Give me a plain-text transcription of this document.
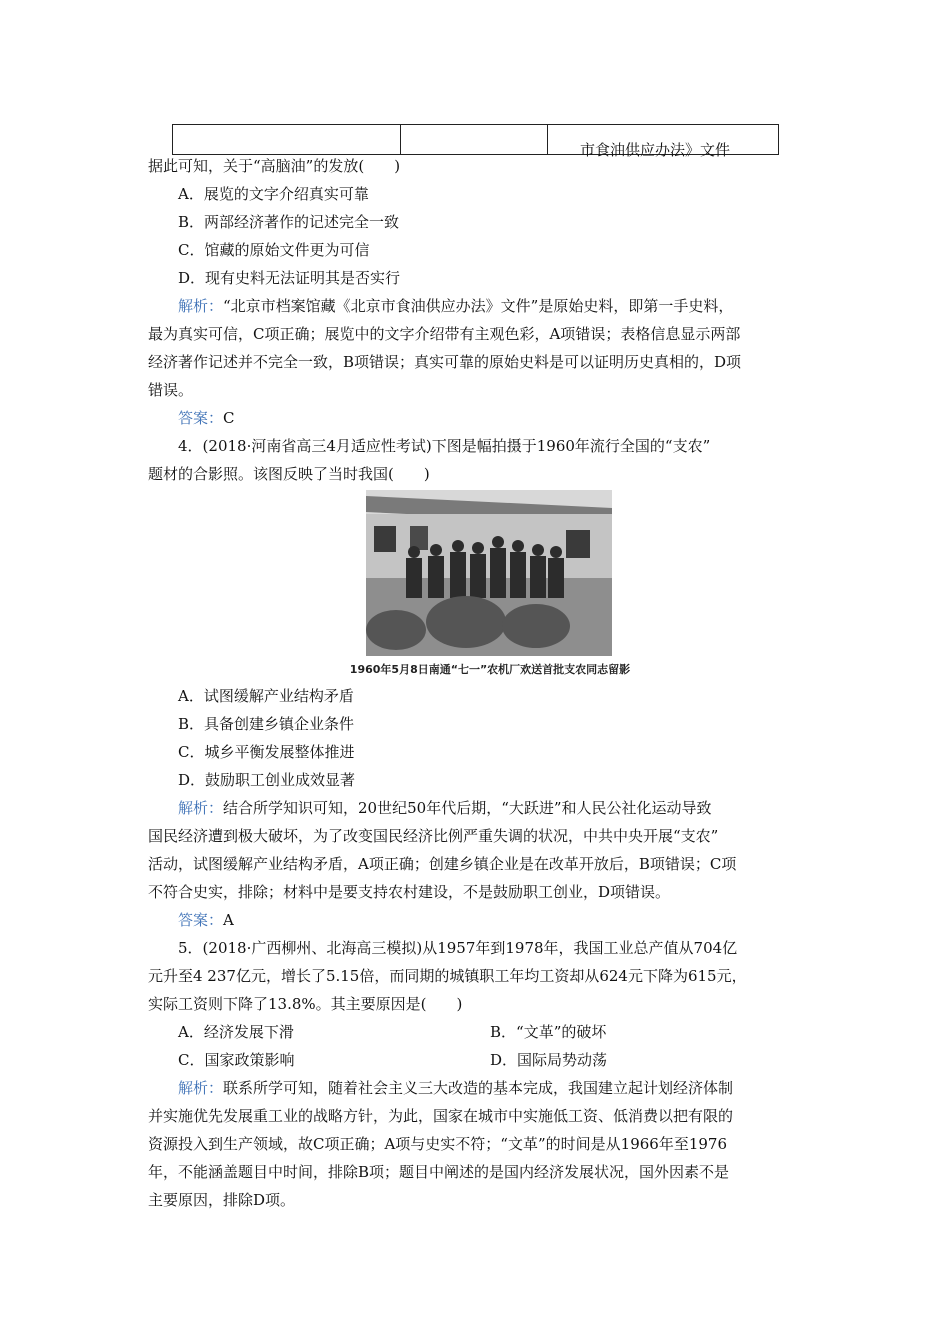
市食油供应办法》文件
据此可知，关于“高脑油”的发放(　　)
A．展览的文字介绍真实可靠
B．两部经济著作的记述完全一致
C．馆藏的原始文件更为可信
D．现有史料无法证明其是否实行
解析：“北京市档案馆藏《北京市食油供应办法》文件”是原始史料，即第一手史料，
最为真实可信，C项正确；展览中的文字介绍带有主观色彩，A项错误；表格信息显示两部
经济著作记述并不完全一致，B项错误；真实可靠的原始史料是可以证明历史真相的，D项
错误。
答案：C
4．(2018·河南省高三4月适应性考试)下图是幅拍摄于1960年流行全国的“支农”
题材的合影照。该图反映了当时我国(　　)
1960年5月8日南通“七一”农机厂欢送首批支农同志留影
A．试图缓解产业结构矛盾
B．具备创建乡镇企业条件
C．城乡平衡发展整体推进
D．鼓励职工创业成效显著
解析：结合所学知识可知，20世纪50年代后期，“大跃进”和人民公社化运动导致
国民经济遭到极大破坏，为了改变国民经济比例严重失调的状况，中共中央开展“支农”
活动，试图缓解产业结构矛盾，A项正确；创建乡镇企业是在改革开放后，B项错误；C项
不符合史实，排除；材料中是要支持农村建设，不是鼓励职工创业，D项错误。
答案：A
5．(2018·广西柳州、北海高三模拟)从1957年到1978年，我国工业总产值从704亿
元升至4 237亿元，增长了5.15倍，而同期的城镇职工年均工资却从624元下降为615元，
实际工资则下降了13.8%。其主要原因是(　　)
A．经济发展下滑	B．“文革”的破坏
C．国家政策影响	D．国际局势动荡
解析：联系所学可知，随着社会主义三大改造的基本完成，我国建立起计划经济体制
并实施优先发展重工业的战略方针，为此，国家在城市中实施低工资、低消费以把有限的
资源投入到生产领域，故C项正确；A项与史实不符；“文革”的时间是从1966年至1976
年，不能涵盖题目中时间，排除B项；题目中阐述的是国内经济发展状况，国外因素不是
主要原因，排除D项。
